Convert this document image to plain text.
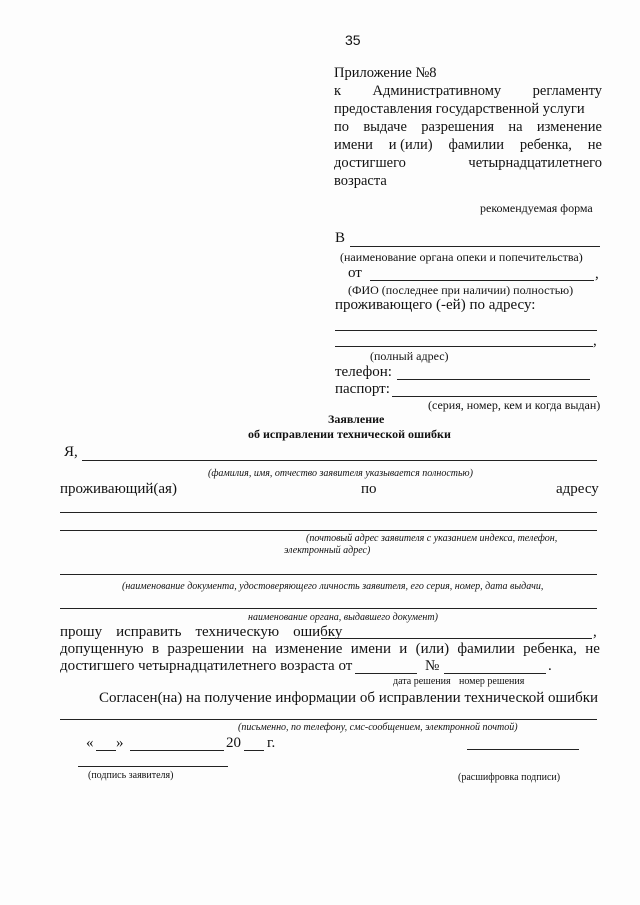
35
Приложение №8
к Административному регламенту
предоставления государственной услуги
по выдаче разрешения на изменение
имени и (или) фамилии ребенка, не
достигшего	четырнадцатилетнего
возраста
рекомендуемая форма
В
(наименование органа опеки и попечительства)
от	,
(ФИО (последнее при наличии) полностью)
проживающего (-ей) по адресу:
,
(полный адрес)
телефон:
паспорт:
(серия, номер, кем и когда выдан)
Заявление
об исправлении технической ошибки
Я,
(фамилия, имя, отчество заявителя указывается полностью)
проживающий(ая)	по	адресу
(почтовый адрес заявителя с указанием индекса, телефон,
электронный адрес)
(наименование документа, удостоверяющего личность заявителя, его серия, номер, дата выдачи,
наименование органа, выдавшего документ)
прошу исправить техническую ошибку	,
допущенную в разрешении на изменение имени и (или) фамилии ребенка, не
достигшего четырнадцатилетнего возраста от	№	.
дата решения номер решения
Согласен(на) на получение информации об исправлении технической ошибки
(письменно, по телефону, смс-сообщением, электронной почтой)
« »	20 г.
(подпись заявителя)	(расшифровка подписи)
